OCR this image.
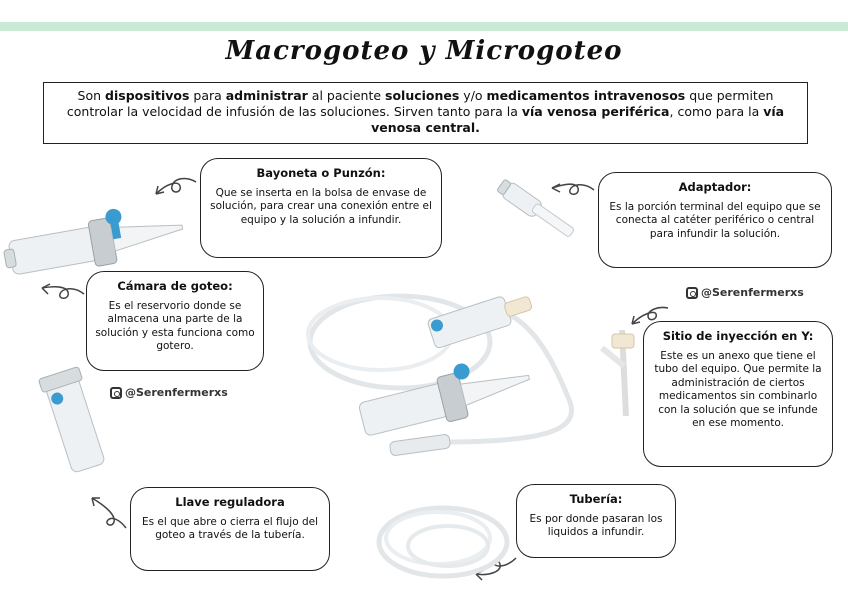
Macrogoteo y Microgoteo
Son dispositivos para administrar al paciente soluciones y/o medicamentos intravenosos que permiten controlar la velocidad de infusión de las soluciones. Sirven tanto para la vía venosa periférica, como para la vía venosa central.
Bayoneta o Punzón:

Que se inserta en la bolsa de envase de solución, para crear una conexión entre el equipo y la solución a infundir.

Adaptador:

Es la porción terminal del equipo que se conecta al catéter periférico o central para infundir la solución.

Cámara de goteo:

Es el reservorio donde se almacena una parte de la solución y esta funciona como gotero.

Sitio de inyección en Y:

Este es un anexo que tiene el tubo del equipo. Que permite la administración de ciertos medicamentos sin combinarlo con la solución que se infunde en ese momento.

Llave reguladora

Es el que abre o cierra el flujo del goteo a través de la tubería.

Tubería:

Es por donde pasaran los liquidos a infundir.

@Serenfermerxs
@Serenfermerxs
